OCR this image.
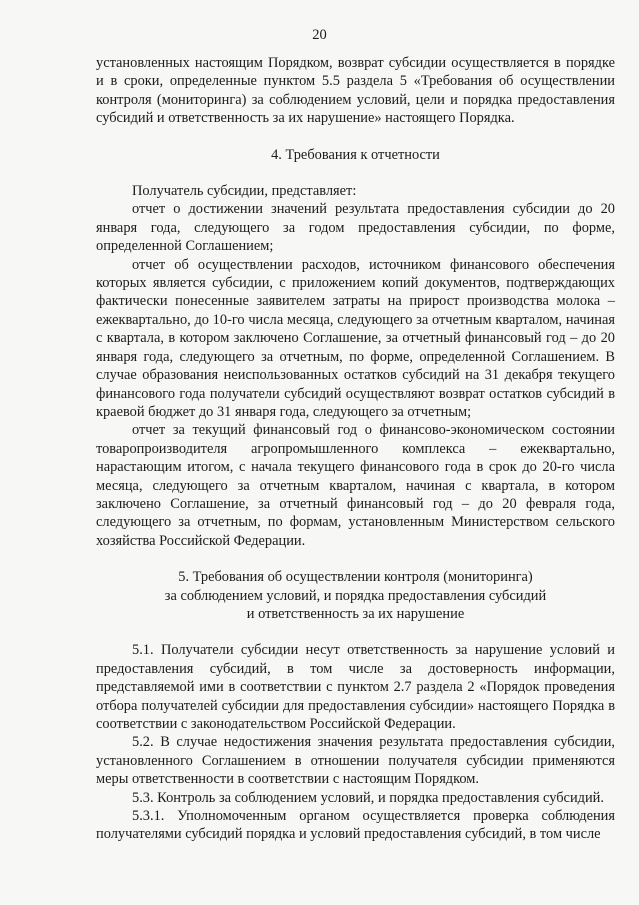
20

установленных настоящим Порядком, возврат субсидии осуществляется в порядке и в сроки, определенные пунктом 5.5 раздела 5 «Требования об осуществлении контроля (мониторинга) за соблюдением условий, цели и порядка предоставления субсидий и ответственность за их нарушение» настоящего Порядка.

4. Требования к отчетности

Получатель субсидии, представляет:

отчет о достижении значений результата предоставления субсидии до 20 января года, следующего за годом предоставления субсидии, по форме, определенной Соглашением;

отчет об осуществлении расходов, источником финансового обеспечения которых является субсидии, с приложением копий документов, подтверждающих фактически понесенные заявителем затраты на прирост производства молока – ежеквартально, до 10-го числа месяца, следующего за отчетным кварталом, начиная с квартала, в котором заключено Соглашение, за отчетный финансовый год – до 20 января года, следующего за отчетным, по форме, определенной Соглашением. В случае образования неиспользованных остатков субсидий на 31 декабря текущего финансового года получатели субсидий осуществляют возврат остатков субсидий в краевой бюджет до 31 января года, следующего за отчетным;

отчет за текущий финансовый год о финансово-экономическом состоянии товаропроизводителя агропромышленного комплекса – ежеквартально, нарастающим итогом, с начала текущего финансового года в срок до 20-го числа месяца, следующего за отчетным кварталом, начиная с квартала, в котором заключено Соглашение, за отчетный финансовый год – до 20 февраля года, следующего за отчетным, по формам, установленным Министерством сельского хозяйства Российской Федерации.

5. Требования об осуществлении контроля (мониторинга)
за соблюдением условий, и порядка предоставления субсидий
и ответственность за их нарушение

5.1. Получатели субсидии несут ответственность за нарушение условий и предоставления субсидий, в том числе за достоверность информации, представляемой ими в соответствии с пунктом 2.7 раздела 2 «Порядок проведения отбора получателей субсидии для предоставления субсидии» настоящего Порядка в соответствии с законодательством Российской Федерации.

5.2. В случае недостижения значения результата предоставления субсидии, установленного Соглашением в отношении получателя субсидии применяются меры ответственности в соответствии с настоящим Порядком.

5.3. Контроль за соблюдением условий, и порядка предоставления субсидий.

5.3.1. Уполномоченным органом осуществляется проверка соблюдения получателями субсидий порядка и условий предоставления субсидий, в том числе
